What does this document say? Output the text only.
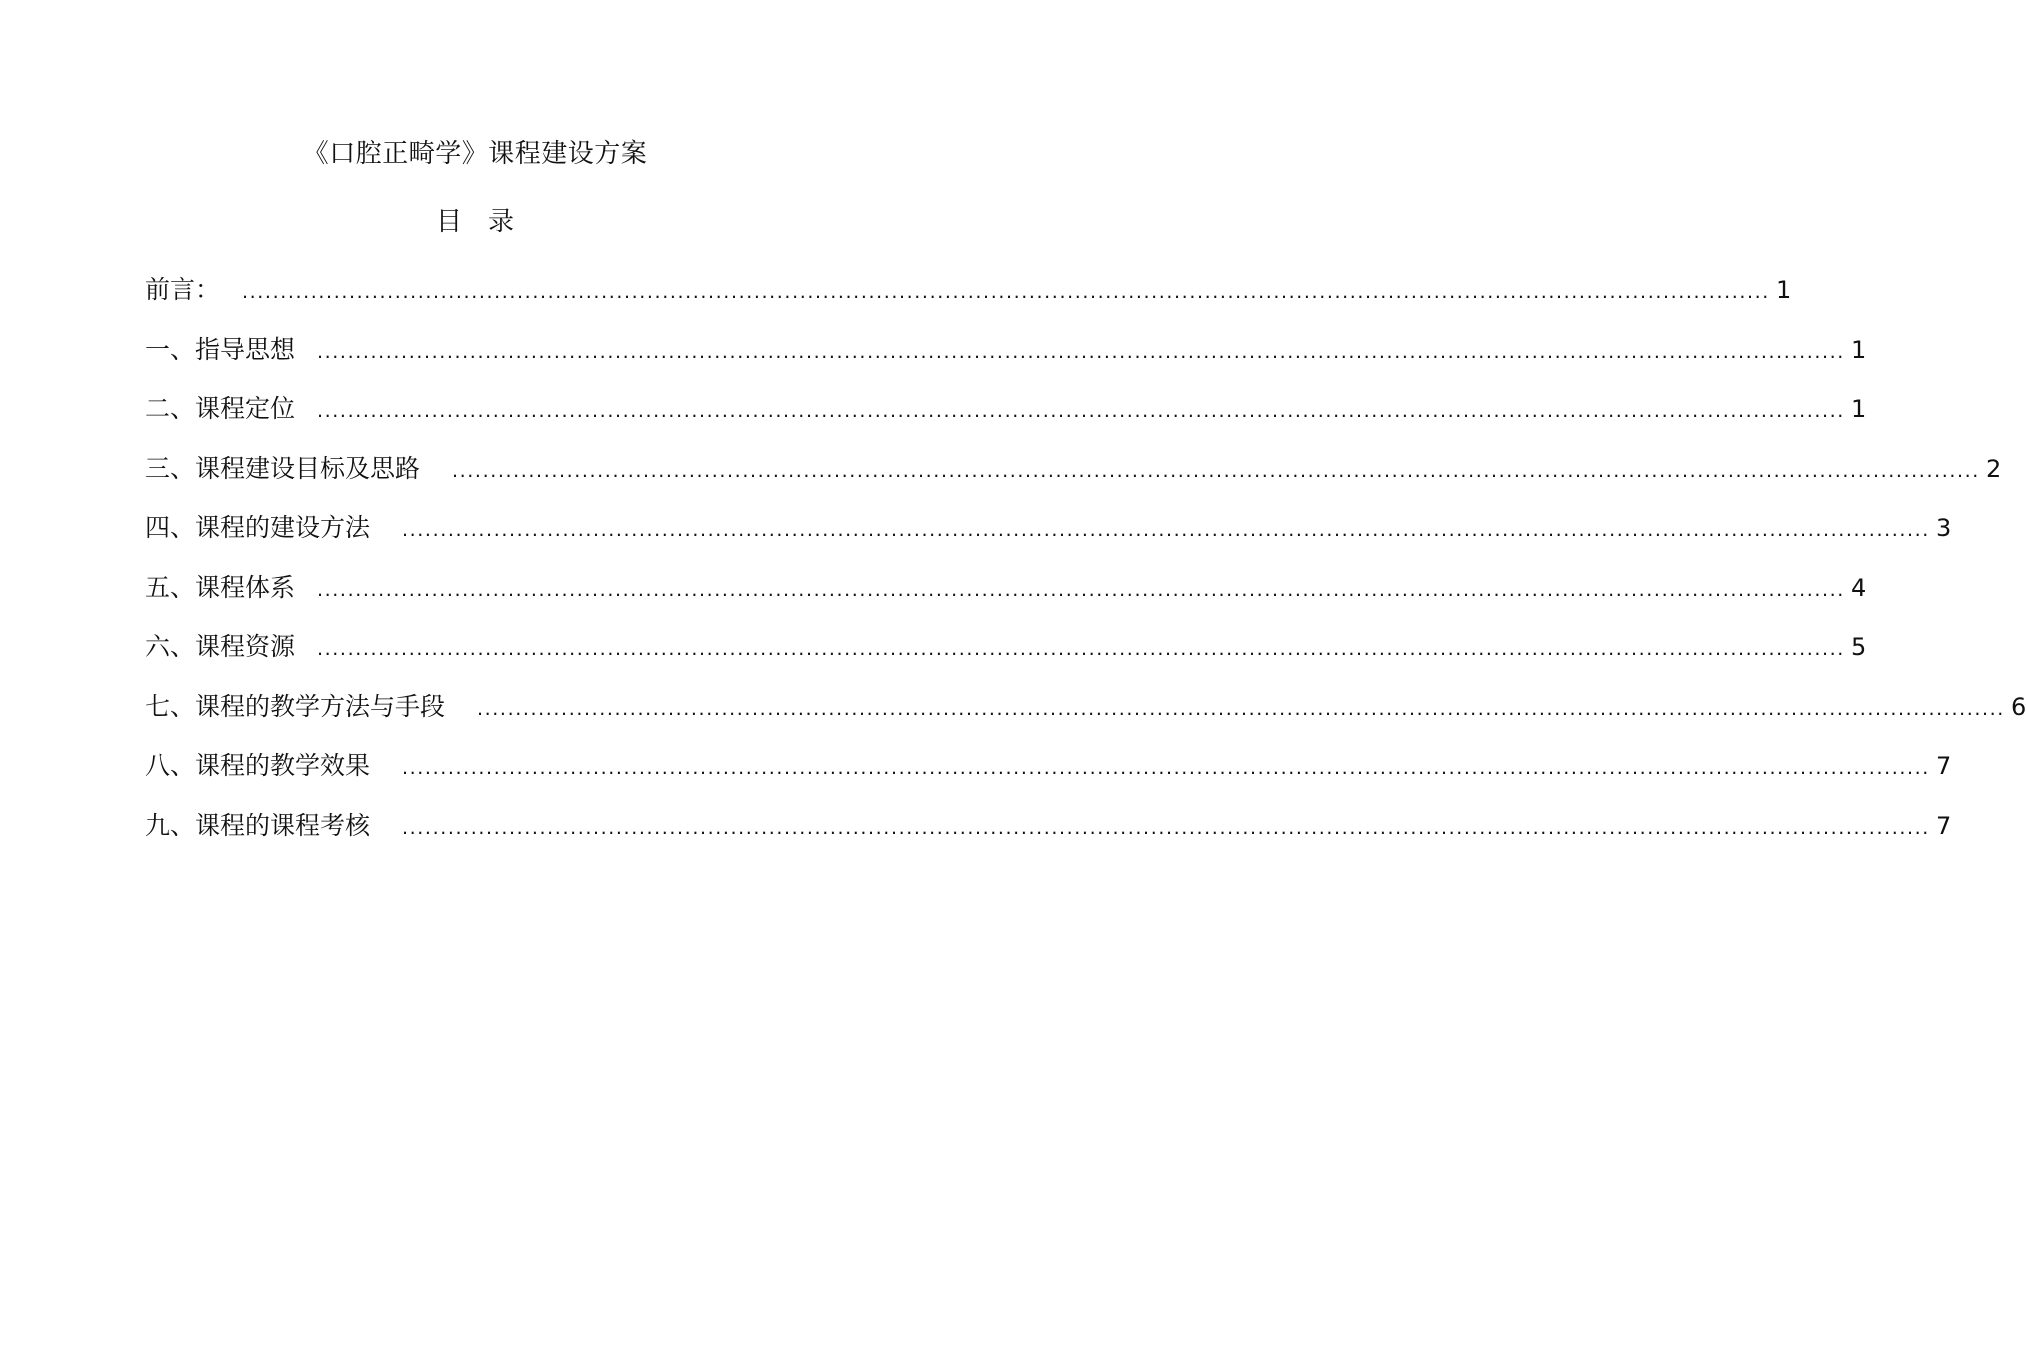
《口腔正畸学》课程建设方案
目 录
前言： ........................................................................................................................................................................................................ 1
一、指导思想 ........................................................................................................................................................................................................ 1
二、课程定位 ........................................................................................................................................................................................................ 1
三、课程建设目标及思路 ........................................................................................................................................................................................................ 2
四、课程的建设方法 ........................................................................................................................................................................................................ 3
五、课程体系 ........................................................................................................................................................................................................ 4
六、课程资源 ........................................................................................................................................................................................................ 5
七、课程的教学方法与手段 ........................................................................................................................................................................................................ 6
八、课程的教学效果 ........................................................................................................................................................................................................ 7
九、课程的课程考核 ........................................................................................................................................................................................................ 7
